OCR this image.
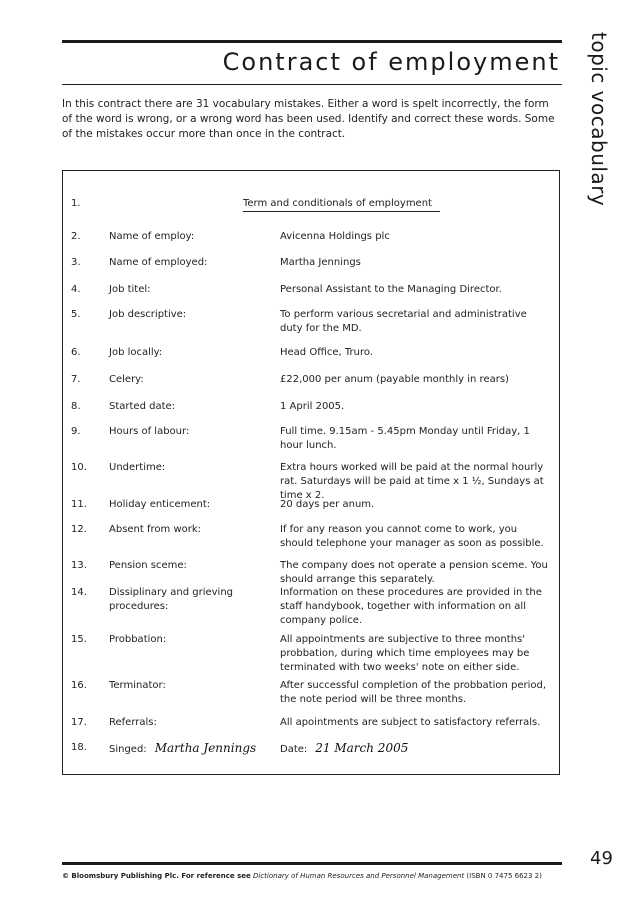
Contract of employment topic vocabulary
In this contract there are 31 vocabulary mistakes. Either a word is spelt incorrectly, the form of the word is wrong, or a wrong word has been used. Identify and correct these words. Some of the mistakes occur more than once in the contract.
1.	Term and conditionals of employment
2.	Name of employ:	Avicenna Holdings plc
3.	Name of employed:	Martha Jennings
4.	Job titel:	Personal Assistant to the Managing Director.
5.	Job descriptive:	To perform various secretarial and administrative duty for the MD.
6.	Job locally:	Head Office, Truro.
7.	Celery:	£22,000 per anum (payable monthly in rears)
8.	Started date:	1 April 2005.
9.	Hours of labour:	Full time. 9.15am - 5.45pm Monday until Friday, 1 hour lunch.
10. Undertime:	Extra hours worked will be paid at the normal hourly rat. Saturdays will be paid at time x 1 ½, Sundays at time x 2.
11. Holiday enticement:	20 days per anum.
12. Absent from work:	If for any reason you cannot come to work, you should telephone your manager as soon as possible.
13. Pension sceme:	The company does not operate a pension sceme. You should arrange this separately.
14. Dissiplinary and grieving procedures:
Information on these procedures are provided in the staff handybook, together with information on all company police.
15. Probbation:	All appointments are subjective to three months' probbation, during which time employees may be terminated with two weeks' note on either side.
16. Terminator:	After successful completion of the probbation period, the note period will be three months.
17. Referrals:	All apointments are subject to satisfactory referrals.
18. Singed: Martha Jennings	Date: 21 March 2005
49
© Bloomsbury Publishing Plc. For reference see Dictionary of Human Resources and Personnel Management (ISBN 0 7475 6623 2)
